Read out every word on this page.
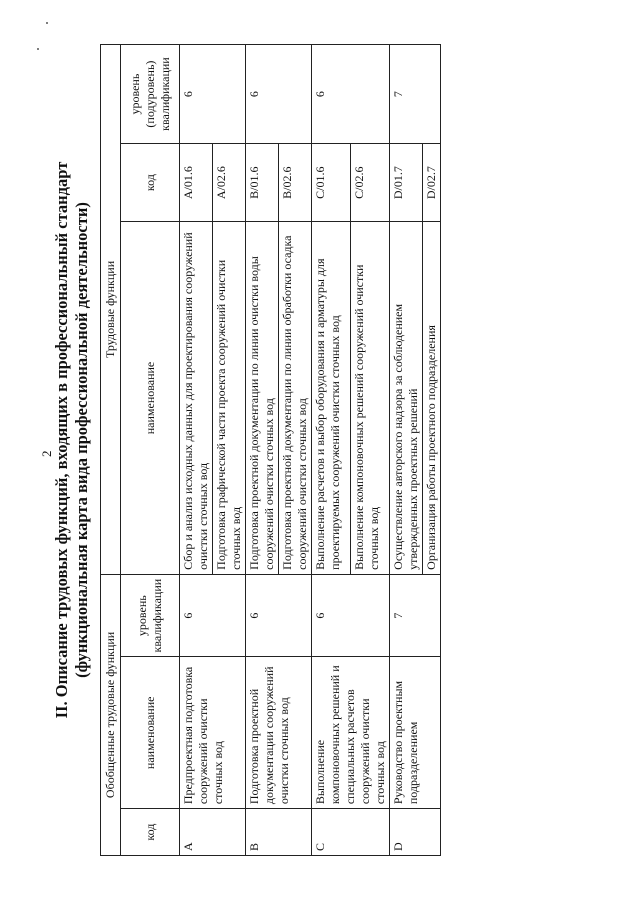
2
II. Описание трудовых функций, входящих в профессиональный стандарт (функциональная карта вида профессиональной деятельности)
Обобщенные трудовые функции			Трудовые функции		
код	наименование	уровень квалификации	наименование	код	уровень (подуровень) квалификации
A	Предпроектная подготовка сооружений очистки сточных вод	6	Сбор и анализ исходных данных для проектирования сооружений очистки сточных вод	A/01.6	6
			Подготовка графической части проекта сооружений очистки сточных вод	A/02.6	
B	Подготовка проектной документации сооружений очистки сточных вод	6	Подготовка проектной документации по линии очистки воды сооружений очистки сточных вод	B/01.6	6
			Подготовка проектной документации по линии обработки осадка сооружений очистки сточных вод	B/02.6	
C	Выполнение компоновочных решений и специальных расчетов сооружений очистки сточных вод	6	Выполнение расчетов и выбор оборудования и арматуры для проектируемых сооружений очистки сточных вод	C/01.6	6
			Выполнение компоновочных решений сооружений очистки сточных вод	C/02.6	
D	Руководство проектным подразделением	7	Осуществление авторского надзора за соблюдением утвержденных проектных решений	D/01.7	7
			Организация работы проектного подразделения	D/02.7	
